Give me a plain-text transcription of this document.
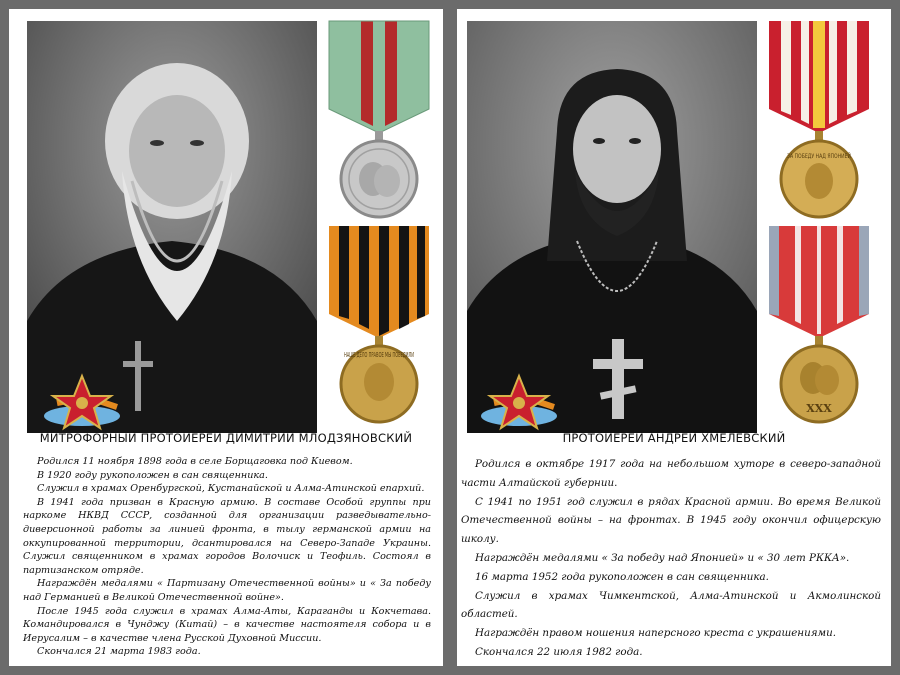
НАШЕ ДЕЛО ПРАВОЕ МЫ ПОБЕДИЛИ
МИТРОФОРНЫЙ ПРОТОИЕРЕЙ ДИМИТРИЙ МЛОДЗЯНОВСКИЙ

Родился 11 ноября 1898 года в селе Борщаговка под Киевом.

В 1920 году рукоположен в сан священника.

Служил в храмах Оренбургской, Кустанайской и Алма-Атинской епархий.

В 1941 года призван в Красную армию. В составе Особой группы при наркоме НКВД СССР, созданной для организации разведывательно-диверсионной работы за линией фронта, в тылу германской армии на оккупированной территории, дсантировался на Северо-Западе Украины. Служил священником в храмах городов Волочиск и Теофиль. Состоял в партизанском отряде.

Награждён медалями « Партизану Отечественной войны» и « За победу над Германией в Великой Отечественной войне».

После 1945 года служил в храмах Алма-Аты, Караганды и Кокчетава. Командировался в Чунджу (Китай) – в качестве настоятеля собора и в Иерусалим – в качестве члена Русской Духовной Миссии.

Скончался 21 марта 1983 года.

ЗА ПОБЕДУ НАД ЯПОНИЕЙ
XXX
ПРОТОИЕРЕЙ АНДРЕЙ ХМЕЛЕВСКИЙ

Родился в октябре 1917 года на небольшом хуторе в северо-западной части Алтайской губернии.

С 1941 по 1951 год служил в рядах Красной армии. Во время Великой Отечественной войны – на фронтах. В 1945 году окончил офицерскую школу.

Награждён медалями « За победу над Японией» и « 30 лет РККА».

16 марта 1952 года рукоположен в сан священника.

Служил в храмах Чимкентской, Алма-Атинской и Акмолинской областей.

Награждён правом ношения наперсного креста с украшениями.

Скончался 22 июля 1982 года.
